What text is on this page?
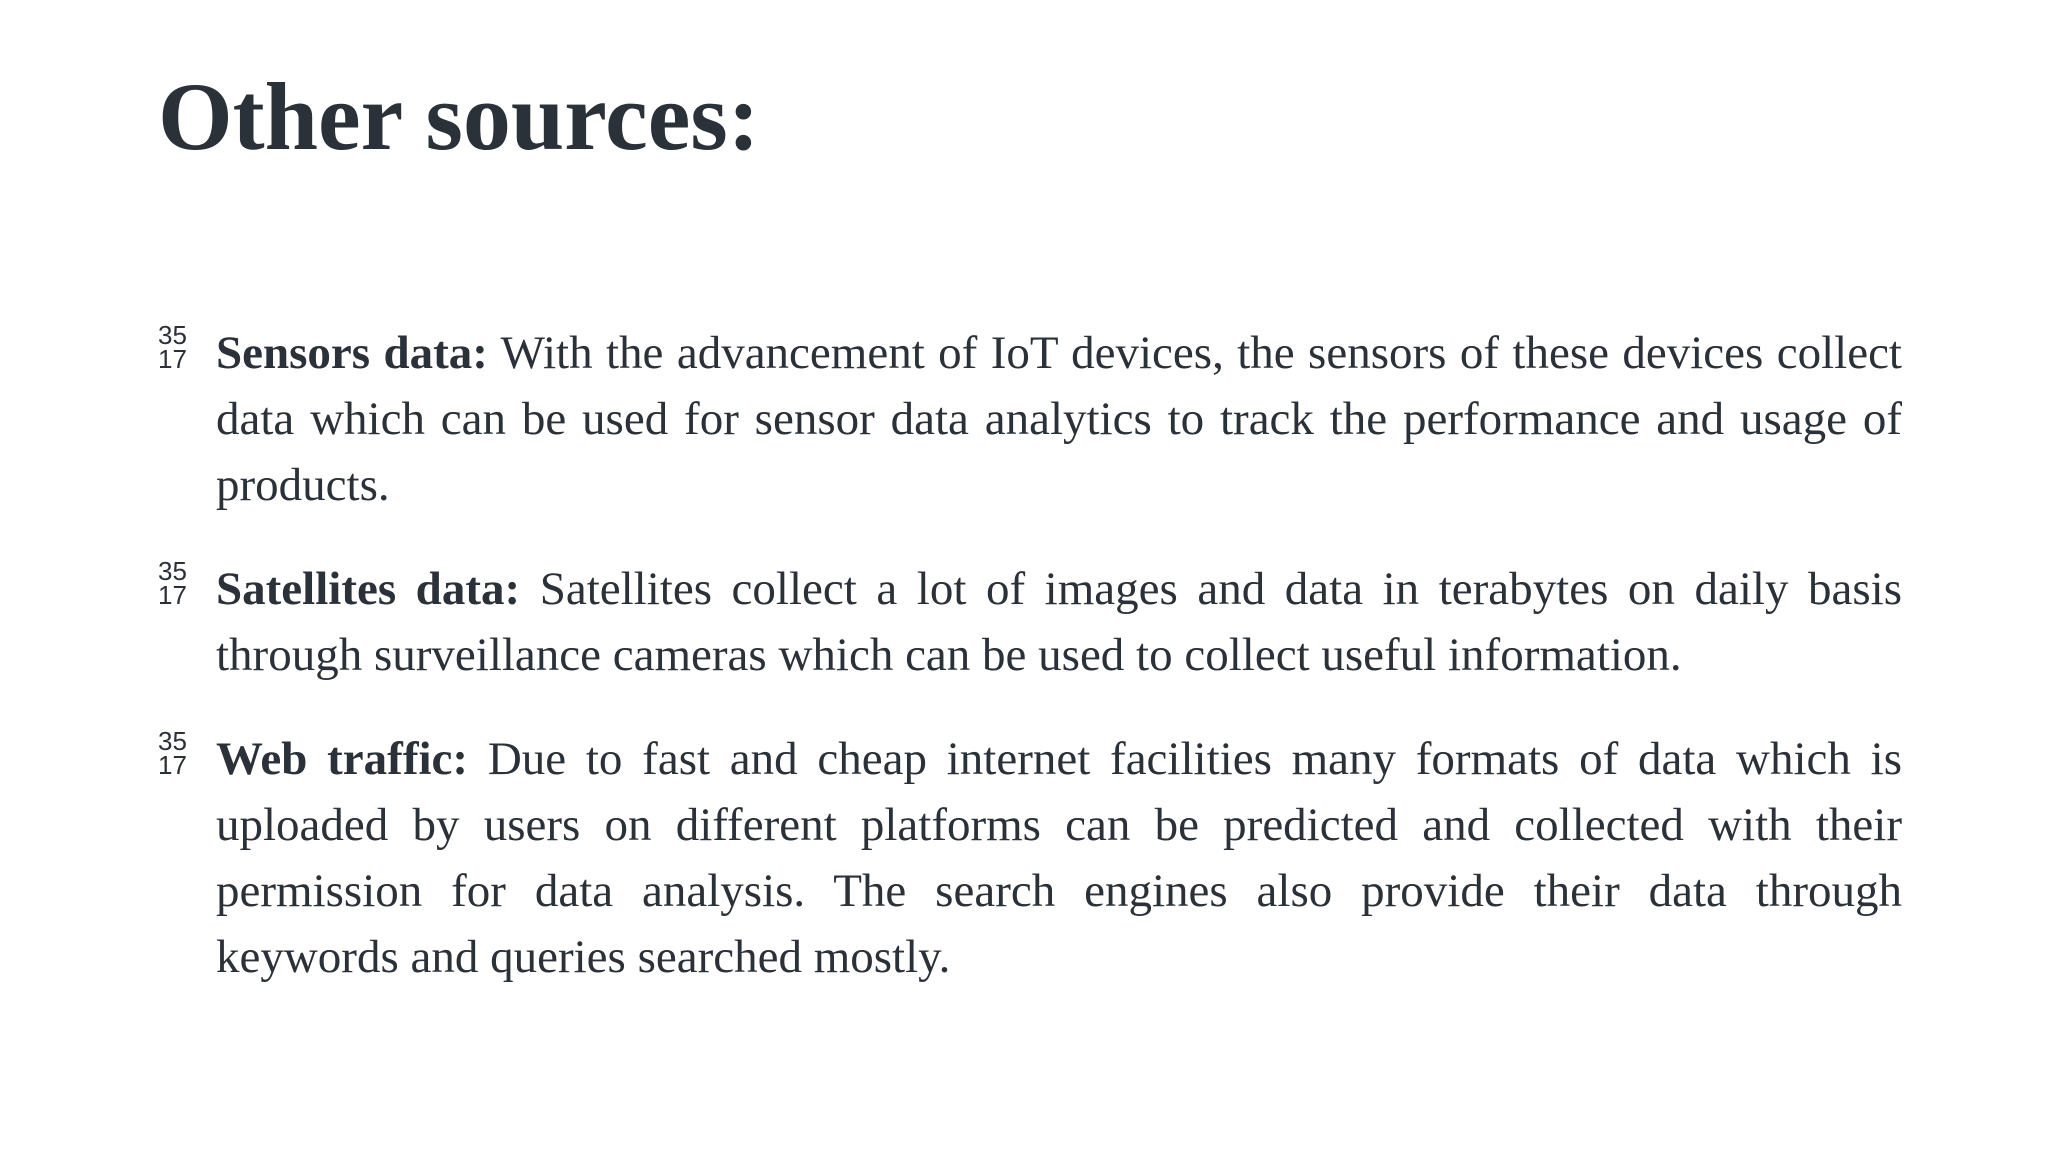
Other sources:
35
17 Sensors data: With the advancement of IoT devices, the sensors of these devices collect data which can be used for sensor data analytics to track the performance and usage of products.

35
17 Satellites data: Satellites collect a lot of images and data in terabytes on daily basis through surveillance cameras which can be used to collect useful information.

35
17 Web traffic: Due to fast and cheap internet facilities many formats of data which is uploaded by users on different platforms can be predicted and collected with their permission for data analysis. The search engines also provide their data through keywords and queries searched mostly.
